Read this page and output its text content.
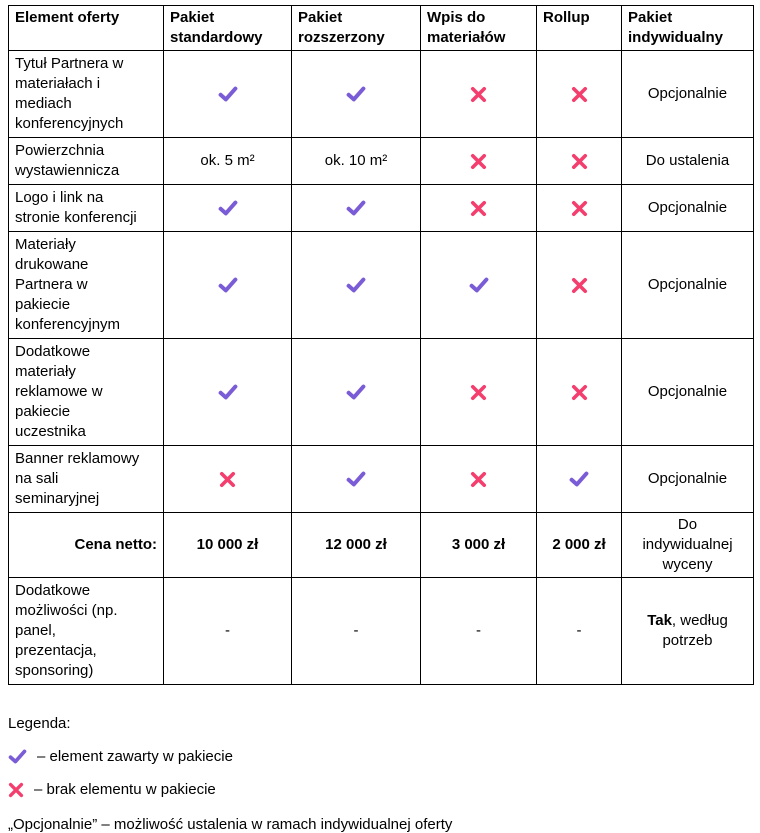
Element oferty	Pakiet standardowy	Pakiet rozszerzony	Wpis do materiałów	Rollup	Pakiet indywidualny
Tytuł Partnera w materiałach i mediach konferencyjnych					Opcjonalnie
Powierzchnia wystawiennicza	ok. 5 m²	ok. 10 m²			Do ustalenia
Logo i link na stronie konferencji					Opcjonalnie
Materiały drukowane Partnera w pakiecie konferencyjnym					Opcjonalnie
Dodatkowe materiały reklamowe w pakiecie uczestnika					Opcjonalnie
Banner reklamowy na sali seminaryjnej					Opcjonalnie
Cena netto:	10 000 zł	12 000 zł	3 000 zł	2 000 zł	Do indywidualnej wyceny
Dodatkowe możliwości (np. panel, prezentacja, sponsoring)	-	-	-	-	Tak, według potrzeb

Legenda:

– element zawarty w pakiecie
– brak elementu w pakiecie
„Opcjonalnie” – możliwość ustalenia w ramach indywidualnej oferty
